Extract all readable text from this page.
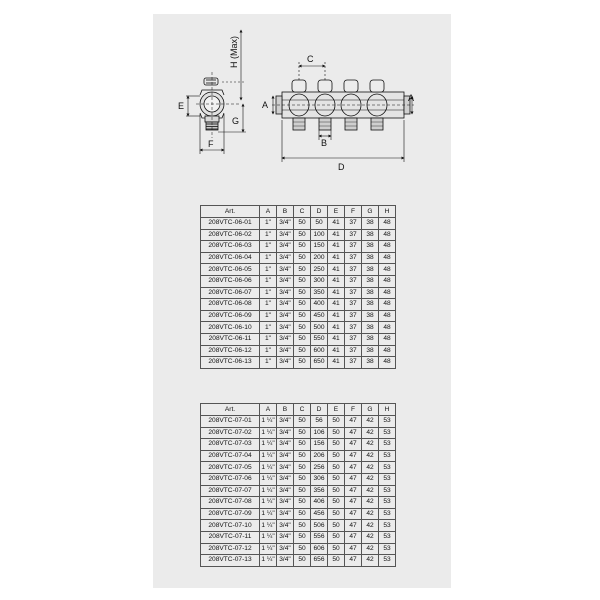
H (Max)
E
G
F
C
A
A
B
D
Art.	A	B	C	D	E	F	G	H
208VTC-06-01	1"	3/4"	50	50	41	37	38	48
208VTC-06-02	1"	3/4"	50	100	41	37	38	48
208VTC-06-03	1"	3/4"	50	150	41	37	38	48
208VTC-06-04	1"	3/4"	50	200	41	37	38	48
208VTC-06-05	1"	3/4"	50	250	41	37	38	48
208VTC-06-06	1"	3/4"	50	300	41	37	38	48
208VTC-06-07	1"	3/4"	50	350	41	37	38	48
208VTC-06-08	1"	3/4"	50	400	41	37	38	48
208VTC-06-09	1"	3/4"	50	450	41	37	38	48
208VTC-06-10	1"	3/4"	50	500	41	37	38	48
208VTC-06-11	1"	3/4"	50	550	41	37	38	48
208VTC-06-12	1"	3/4"	50	600	41	37	38	48
208VTC-06-13	1"	3/4"	50	650	41	37	38	48
Art.	A	B	C	D	E	F	G	H
208VTC-07-01	1 ¼"	3/4"	50	56	50	47	42	53
208VTC-07-02	1 ¼"	3/4"	50	106	50	47	42	53
208VTC-07-03	1 ¼"	3/4"	50	156	50	47	42	53
208VTC-07-04	1 ¼"	3/4"	50	206	50	47	42	53
208VTC-07-05	1 ¼"	3/4"	50	256	50	47	42	53
208VTC-07-06	1 ¼"	3/4"	50	306	50	47	42	53
208VTC-07-07	1 ¼"	3/4"	50	356	50	47	42	53
208VTC-07-08	1 ¼"	3/4"	50	406	50	47	42	53
208VTC-07-09	1 ¼"	3/4"	50	456	50	47	42	53
208VTC-07-10	1 ¼"	3/4"	50	506	50	47	42	53
208VTC-07-11	1 ¼"	3/4"	50	556	50	47	42	53
208VTC-07-12	1 ¼"	3/4"	50	606	50	47	42	53
208VTC-07-13	1 ¼"	3/4"	50	656	50	47	42	53
